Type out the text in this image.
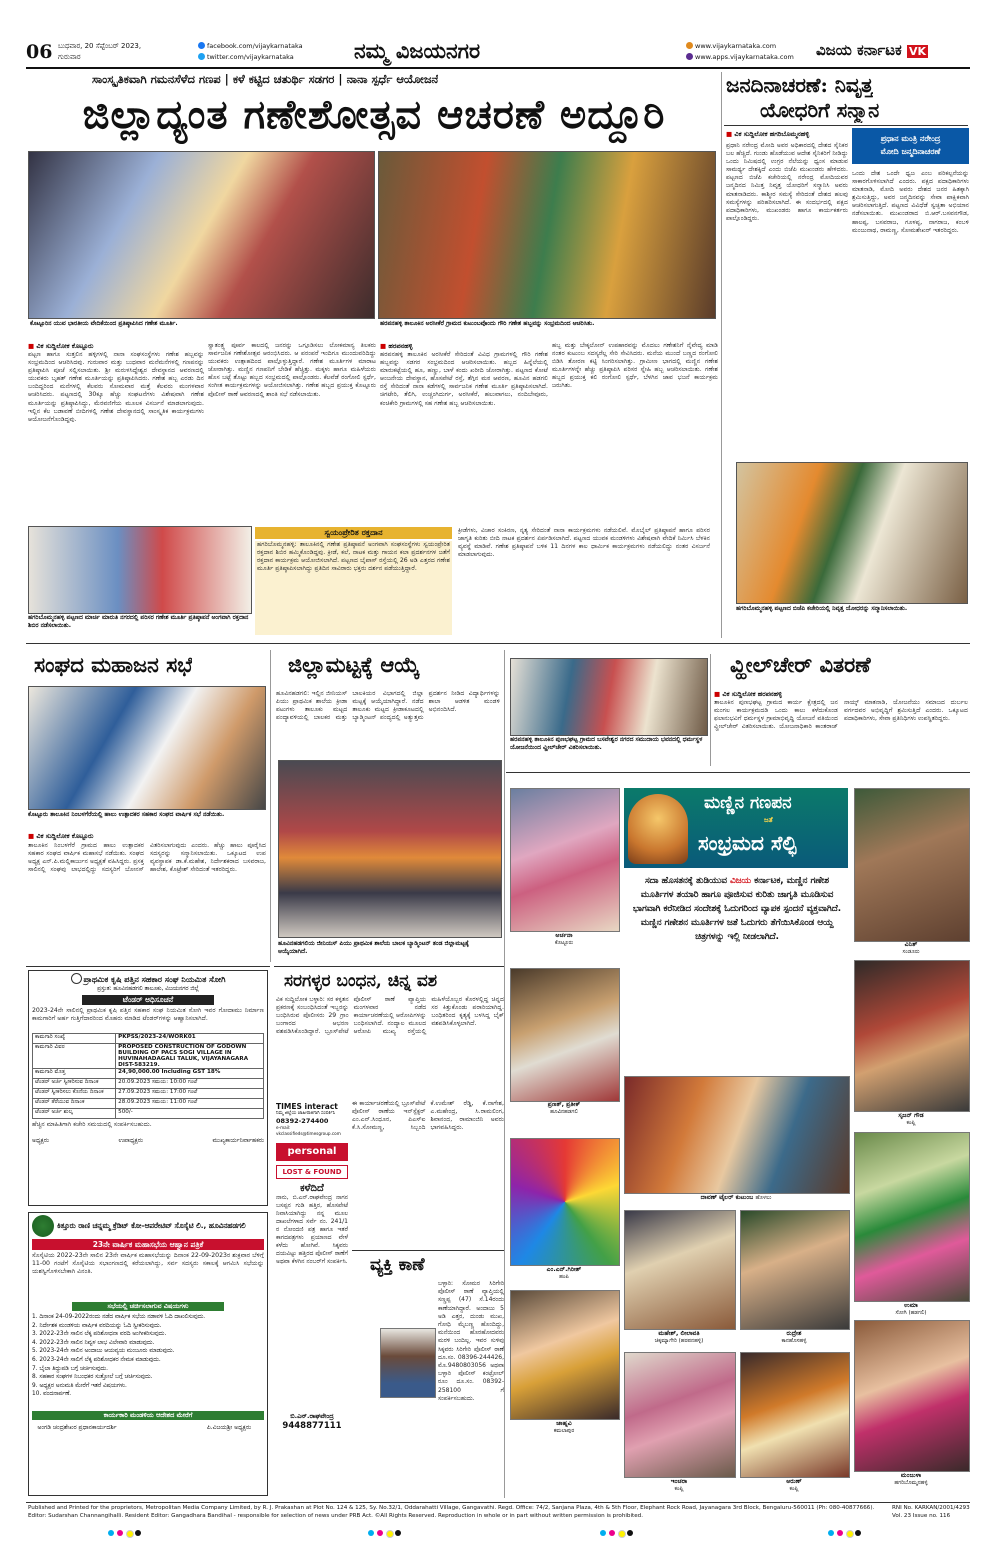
06 ಬುಧವಾರ, 20 ಸೆಪ್ಟೆಂಬರ್ 2023,
ಗುರುವಾರ
facebook.com/vijaykarnataka
twitter.com/vijaykarnataka	ನಮ್ಮ ವಿಜಯನಗರ	www.vijaykarnataka.com
www.apps.vijaykarnataka.com ವಿಜಯ ಕರ್ನಾಟಕ VK
ಸಾಂಸ್ಕೃತಿಕವಾಗಿ ಗಮನಸೆಳೆದ ಗಣಪ | ಕಳೆ ಕಟ್ಟಿದ ಚತುರ್ಥಿ ಸಡಗರ | ನಾನಾ ಸ್ಪರ್ಧೆ ಆಯೋಜನೆ
ಜಿಲ್ಲಾದ್ಯಂತ ಗಣೇಶೋತ್ಸವ ಆಚರಣೆ ಅದ್ದೂರಿ
ಕೊಟ್ಟೂರಿನ ಯುವ ಭಾರತೀಯ ವೇದಿಕೆಯಿಂದ ಪ್ರತಿಷ್ಠಾಪಿಸಿದ ಗಣೇಶ ಮೂರ್ತಿ.	ಹರಪನಹಳ್ಳಿ ತಾಲೂಕಿನ ಅರಸೀಕೆರೆ ಗ್ರಾಮದ ಕುಟುಂಬವೊಂದು ಗೌರಿ ಗಣೇಶ ಹಬ್ಬವನ್ನು ಸಂಭ್ರಮದಿಂದ ಆಚರಿಸಿತು.
■ ವಿಕ ಸುದ್ದಿಲೋಕ ಕೊಟ್ಟೂರು
ಪಟ್ಟಣ ಹಾಗೂ ಸುತ್ತಲಿನ ಹಳ್ಳಿಗಳಲ್ಲಿ ನಾನಾ ಸಂಘಸಂಸ್ಥೆಗಳು ಗಣೇಶ ಹಬ್ಬವನ್ನು ಸಂಭ್ರಮದಿಂದ ಆಚರಿಸಿದವು. ಗುರುವಾರ ಮತ್ತು ಬುಧವಾರ ಮನೆಮನೆಗಳಲ್ಲಿ ಗಣಪನನ್ನು ಪ್ರತಿಷ್ಠಾಪಿಸಿ ಪೂಜೆ ಸಲ್ಲಿಸಲಾಯಿತು. ಶ್ರೀ ಮರುಳಸಿದ್ಧೇಶ್ವರ ದೇವಸ್ಥಾನದ ಆವರಣದಲ್ಲಿ ಯುವಕರು ಬೃಹತ್ ಗಣೇಶ ಮೂರ್ತಿಯನ್ನು ಪ್ರತಿಷ್ಠಾಪಿಸಿದರು. ಗಣೇಶ ಹಬ್ಬ ಎರಡು ದಿನ ಬಂದಿದ್ದರಿಂದ ಮನೆಗಳಲ್ಲಿ ಕೆಲವರು ಸೋಮವಾರ ಮತ್ತೆ ಕೆಲವರು ಮಂಗಳವಾರ ಆಚರಿಸಿದರು. ಪಟ್ಟಣದಲ್ಲಿ 30ಕ್ಕೂ ಹೆಚ್ಚು ಸಂಘಟನೆಗಳು ವಿಶೇಷವಾಗಿ ಗಣೇಶ ಮೂರ್ತಿಯನ್ನು ಪ್ರತಿಷ್ಠಾಪಿಸಿದ್ದು, ಮೆರವಣಿಗೆಯ ಮೂಲಕ ವಿಸರ್ಜನೆ ಮಾಡಲಾಗುವುದು. ಇಲ್ಲಿನ ಕೆಲ ಬಡಾವಣೆ ಬೀದಿಗಳಲ್ಲಿ ಗಣೇಶ ದೇವಸ್ಥಾನದಲ್ಲಿ ಸಾಂಸ್ಕೃತಿಕ ಕಾರ್ಯಕ್ರಮಗಳು ಆಯೋಜನೆಗೊಂಡಿದ್ದವು.
ಸ್ವಾತಂತ್ರ್ಯ ಪೂರ್ವ ಕಾಲದಲ್ಲಿ ಜನರನ್ನು ಒಗ್ಗೂಡಿಸಲು ಲೋಕಮಾನ್ಯ ತಿಲಕರು ಸಾರ್ವಜನಿಕ ಗಣೇಶೋತ್ಸವ ಆರಂಭಿಸಿದರು. ಆ ಪರಂಪರೆ ಇಂದಿಗೂ ಮುಂದುವರಿದಿದ್ದು ಯುವಕರು ಉತ್ಸಾಹದಿಂದ ಪಾಲ್ಗೊಳ್ಳುತ್ತಿದ್ದಾರೆ. ಗಣೇಶ ಮೂರ್ತಿಗಳ ಮಾರಾಟ ಜೋರಾಗಿತ್ತು. ಮಣ್ಣಿನ ಗಣಪನಿಗೆ ಬೇಡಿಕೆ ಹೆಚ್ಚಿತ್ತು. ಮಕ್ಕಳು ಹಾಗೂ ಮಹಿಳೆಯರು ಹೊಸ ಬಟ್ಟೆ ತೊಟ್ಟು ಹಬ್ಬದ ಸಂಭ್ರಮದಲ್ಲಿ ಪಾಲ್ಗೊಂಡರು. ಕೆಲವೆಡೆ ರಂಗೋಲಿ ಸ್ಪರ್ಧೆ, ಸಂಗೀತ ಕಾರ್ಯಕ್ರಮಗಳನ್ನು ಆಯೋಜಿಸಲಾಗಿತ್ತು. ಗಣೇಶ ಹಬ್ಬದ ಪ್ರಯುಕ್ತ ಕೊಟ್ಟೂರು ಪೊಲೀಸ್ ಠಾಣೆ ಆವರಣದಲ್ಲಿ ಶಾಂತಿ ಸಭೆ ನಡೆಸಲಾಯಿತು.
■ ಹರಪನಹಳ್ಳಿ
ಹರಪನಹಳ್ಳಿ ತಾಲೂಕಿನ ಅರಸೀಕೆರೆ ಸೇರಿದಂತೆ ವಿವಿಧ ಗ್ರಾಮಗಳಲ್ಲಿ ಗೌರಿ ಗಣೇಶ ಹಬ್ಬವನ್ನು ಸಡಗರ ಸಂಭ್ರಮದಿಂದ ಆಚರಿಸಲಾಯಿತು. ಹಬ್ಬದ ಹಿನ್ನೆಲೆಯಲ್ಲಿ ಮಾರುಕಟ್ಟೆಯಲ್ಲಿ ಹೂ, ಹಣ್ಣು, ಬಾಳೆ ಕಂದು ಖರೀದಿ ಜೋರಾಗಿತ್ತು. ಪಟ್ಟಣದ ಕೋಟೆ ಆಂಜನೇಯ ದೇವಸ್ಥಾನ, ಹೊಸಪೇಟೆ ರಸ್ತೆ, ತೆಗ್ಗಿನ ಮಠ ಆವರಣ, ಹೂವಿನ ಹಡಗಲಿ ರಸ್ತೆ ಸೇರಿದಂತೆ ನಾನಾ ಕಡೆಗಳಲ್ಲಿ ಸಾರ್ವಜನಿಕ ಗಣೇಶ ಮೂರ್ತಿ ಪ್ರತಿಷ್ಠಾಪಿಸಲಾಗಿದೆ. ಚಿಗಟೇರಿ, ತೆಲಿಗಿ, ಉಚ್ಚಂಗಿದುರ್ಗ, ಅರಸೀಕೆರೆ, ಹಲುವಾಗಲು, ನಂದಿಬೇವೂರು, ಕಂಚಿಕೇರಿ ಗ್ರಾಮಗಳಲ್ಲಿ ಸಹ ಗಣೇಶ ಹಬ್ಬ ಆಚರಿಸಲಾಯಿತು.
ಹಬ್ಬ ಮತ್ತು ಬೇಕ್ಕಲೋನ್ ಉಪಹಾರವನ್ನು ಮೊದಲು ಗಣೇಶನಿಗೆ ನೈವೇದ್ಯ ಮಾಡಿ ನಂತರ ಕುಟುಂಬ ಸದಸ್ಯರೆಲ್ಲ ಸೇರಿ ಸೇವಿಸಿದರು. ಮನೆಯ ಮುಂದೆ ಬಣ್ಣದ ರಂಗೋಲಿ ಬಿಡಿಸಿ ತೋರಣ ಕಟ್ಟಿ ಸಿಂಗರಿಸಲಾಗಿತ್ತು. ಗ್ರಾಮೀಣ ಭಾಗದಲ್ಲಿ ಮಣ್ಣಿನ ಗಣೇಶ ಮೂರ್ತಿಗಳನ್ನೇ ಹೆಚ್ಚು ಪ್ರತಿಷ್ಠಾಪಿಸಿ ಪರಿಸರ ಸ್ನೇಹಿ ಹಬ್ಬ ಆಚರಿಸಲಾಯಿತು. ಗಣೇಶ ಹಬ್ಬದ ಪ್ರಯುಕ್ತ ಕಲಿ ರಂಗೋಲಿ ಸ್ಪರ್ಧೆ, ಬೆಳಗಿನ ಜಾವ ಭಜನೆ ಕಾರ್ಯಕ್ರಮ ಜರುಗಿತು.
ಹಗರಿಬೊಮ್ಮನಹಳ್ಳಿ ಪಟ್ಟಣದ ಮಾರ್ಚಿ ಮಾರುತಿ ನಗರದಲ್ಲಿ ಪರಿಸರ ಗಣೇಶ ಮೂರ್ತಿ ಪ್ರತಿಷ್ಠಾಪನೆ ಅಂಗವಾಗಿ ರಕ್ತದಾನ ಶಿಬಿರ ನಡೆಸಲಾಯಿತು.
ಸ್ವಯಂಪ್ರೇರಿತ ರಕ್ತದಾನ
ಹಗರಿಬೊಮ್ಮನಹಳ್ಳಿ: ತಾಲೂಕಿನಲ್ಲಿ ಗಣೇಶ ಪ್ರತಿಷ್ಠಾಪನೆ ಅಂಗವಾಗಿ ಸಂಘಸಂಸ್ಥೆಗಳು ಸ್ವಯಂಪ್ರೇರಿತ ರಕ್ತದಾನ ಶಿಬಿರ ಹಮ್ಮಿಕೊಂಡಿದ್ದವು. ಕ್ರೀಡೆ, ಕಲೆ, ನಾಟಕ ಮತ್ತು ಗಾಯನ ಕಲಾ ಪ್ರದರ್ಶನಗಳ ಜತೆಗೆ ರಕ್ತದಾನ ಕಾರ್ಯಕ್ರಮ ಆಯೋಜಿಸಲಾಗಿದೆ. ಪಟ್ಟಣದ ಬೈಪಾಸ್ ರಸ್ತೆಯಲ್ಲಿ 26 ಅಡಿ ಎತ್ತರದ ಗಣೇಶ ಮೂರ್ತಿ ಪ್ರತಿಷ್ಠಾಪಿಸಲಾಗಿದ್ದು ಪ್ರತಿದಿನ ಸಾವಿರಾರು ಭಕ್ತರು ದರ್ಶನ ಪಡೆಯುತ್ತಿದ್ದಾರೆ.
ಕ್ರೀಡೆಗಳು, ವಿಚಾರ ಸಂಕಿರಣ, ನೃತ್ಯ ಸೇರಿದಂತೆ ನಾನಾ ಕಾರ್ಯಕ್ರಮಗಳು ನಡೆಯಲಿವೆ. ಮೊಬೈಲ್ ಪ್ರತಿಷ್ಠಾಪನೆ ಹಾಗೂ ಪರಿಸರ ಜಾಗೃತಿ ಕುರಿತು ಬೀದಿ ನಾಟಕ ಪ್ರದರ್ಶನ ಏರ್ಪಡಿಸಲಾಗಿದೆ. ಪಟ್ಟಣದ ಯುವಕ ಮಂಡಳಿಗಳು ವಿಶೇಷವಾಗಿ ವೇದಿಕೆ ನಿರ್ಮಿಸಿ ಬೆಳಕಿನ ವ್ಯವಸ್ಥೆ ಮಾಡಿವೆ. ಗಣೇಶ ಪ್ರತಿಷ್ಠಾಪನೆ ಬಳಿಕ 11 ದಿನಗಳ ಕಾಲ ಧಾರ್ಮಿಕ ಕಾರ್ಯಕ್ರಮಗಳು ನಡೆಯಲಿದ್ದು ನಂತರ ವಿಸರ್ಜನೆ ಮಾಡಲಾಗುವುದು.
ಜನದಿನಾಚರಣೆ: ನಿವೃತ್ತ
ಯೋಧರಿಗೆ ಸನ್ಮಾನ
■ ವಿಕ ಸುದ್ದಿಲೋಕ ಹಗರಿಬೊಮ್ಮನಹಳ್ಳಿ	ಪ್ರಧಾನ ಮಂತ್ರಿ ನರೇಂದ್ರ
ಮೋದಿ ಜನ್ಮದಿನಾಚರಣೆ
ಪ್ರಧಾನಿ ನರೇಂದ್ರ ಮೋದಿ ಅವರ ಅಧಿಕಾರದಲ್ಲಿ ದೇಶದ ಸೈನಿಕರ ಬಲ ಹೆಚ್ಚಿದೆ. ಗುಂಡು ಹೊಡೆಯುವ ಆದೇಶ ಸೈನಿಕರಿಗೆ ನೀಡಿದ್ದು ಒಂದು ನಿಮಿಷದಲ್ಲಿ ಉಗ್ರರ ನೆಲೆಯನ್ನು ಧ್ವಂಸ ಮಾಡುವ ಸಾಮರ್ಥ್ಯ ದೇಶಕ್ಕಿದೆ ಎಂದು ಬಿಜೆಪಿ ಮುಖಂಡರು ಹೇಳಿದರು. ಪಟ್ಟಣದ ಬಿಜೆಪಿ ಕಚೇರಿಯಲ್ಲಿ ನರೇಂದ್ರ ಮೋದಿಯವರ ಜನ್ಮದಿನದ ನಿಮಿತ್ತ ನಿವೃತ್ತ ಯೋಧರಿಗೆ ಸನ್ಮಾನಿಸಿ ಅವರು ಮಾತನಾಡಿದರು. ಕಾಶ್ಮೀರ ಸಮಸ್ಯೆ ಸೇರಿದಂತೆ ದೇಶದ ಹಲವು ಸಮಸ್ಯೆಗಳನ್ನು ಪರಿಹರಿಸಲಾಗಿದೆ. ಈ ಸಂದರ್ಭದಲ್ಲಿ ಪಕ್ಷದ ಪದಾಧಿಕಾರಿಗಳು, ಮುಖಂಡರು ಹಾಗೂ ಕಾರ್ಯಕರ್ತರು ಪಾಲ್ಗೊಂಡಿದ್ದರು.
ಒಂದು ದೇಶ ಒಂದೇ ಧ್ವಜ ಎಂಬ ಪರಿಕಲ್ಪನೆಯನ್ನು ಸಾಕಾರಗೊಳಿಸಲಾಗಿದೆ ಎಂದರು. ಪಕ್ಷದ ಪದಾಧಿಕಾರಿಗಳು ಮಾತನಾಡಿ, ಮೋದಿ ಅವರು ದೇಶದ ಜನರ ಹಿತಕ್ಕಾಗಿ ಶ್ರಮಿಸುತ್ತಿದ್ದು, ಅವರ ಜನ್ಮದಿನವನ್ನು ಸೇವಾ ಪಾಕ್ಷಿಕವಾಗಿ ಆಚರಿಸಲಾಗುತ್ತಿದೆ. ಪಟ್ಟಣದ ವಿವಿಧೆಡೆ ಸ್ವಚ್ಛತಾ ಅಭಿಯಾನ ನಡೆಸಲಾಯಿತು. ಮುಖಂಡರಾದ ಬಿ.ಆರ್.ಬಸವನಗೌಡ, ಹಾಲಪ್ಪ, ಬಸವರಾಜ, ಗೂಳಪ್ಪ, ನಾಗರಾಜ, ಕಂಬಳಿ ಮಂಜುನಾಥ, ರಾಮಣ್ಣ, ಸೋಮಶೇಖರ್ ಇತರರಿದ್ದರು.
ಹಗರಿಬೊಮ್ಮನಹಳ್ಳಿ ಪಟ್ಟಣದ ಬಿಜೆಪಿ ಕಚೇರಿಯಲ್ಲಿ ನಿವೃತ್ತ ಯೋಧರನ್ನು ಸನ್ಮಾನಿಸಲಾಯಿತು.
ಸಂಘದ ಮಹಾಜನ ಸಭೆ
ಕೊಟ್ಟೂರು ತಾಲೂಕಿನ ನಿಂಬಳಗೆರೆಯಲ್ಲಿ ಹಾಲು ಉತ್ಪಾದಕರ ಸಹಕಾರ ಸಂಘದ ವಾರ್ಷಿಕ ಸಭೆ ನಡೆಯಿತು.
■ ವಿಕ ಸುದ್ದಿಲೋಕ ಕೊಟ್ಟೂರು
ತಾಲೂಕಿನ ನಿಂಬಳಗೆರೆ ಗ್ರಾಮದ ಹಾಲು ಉತ್ಪಾದಕರ ಸಹಕಾರ ಸಂಘದ ವಾರ್ಷಿಕ ಮಹಾಸಭೆ ನಡೆಯಿತು. ಸಂಘದ ಅಧ್ಯಕ್ಷ ಎನ್.ಪಿ.ಮಲ್ಲಿಕಾರ್ಜುನ ಅಧ್ಯಕ್ಷತೆ ವಹಿಸಿದ್ದರು. ಪ್ರಸಕ್ತ ಸಾಲಿನಲ್ಲಿ ಸಂಘವು ಲಾಭದಲ್ಲಿದ್ದು ಸದಸ್ಯರಿಗೆ ಬೋನಸ್ ವಿತರಿಸಲಾಗುವುದು ಎಂದರು. ಹೆಚ್ಚು ಹಾಲು ಪೂರೈಸಿದ ಸದಸ್ಯರನ್ನು ಸನ್ಮಾನಿಸಲಾಯಿತು. ಒಕ್ಕೂಟದ ಉಪ ವ್ಯವಸ್ಥಾಪಕ ಡಾ.ಕೆ.ಮಹೇಶ, ನಿರ್ದೇಶಕರಾದ ಬಸವರಾಜ, ಹಾಲೇಶ, ಕೊಟ್ರೇಶ್ ಸೇರಿದಂತೆ ಇತರರಿದ್ದರು.
ಜಿಲ್ಲಾಮಟ್ಟಕ್ಕೆ ಆಯ್ಕೆ
ಹೂವಿನಹಡಗಲಿ: ಇಲ್ಲಿನ ಜೀನಿಯಸ್ ಪಿಯು ಪ್ರಾಥಮಿಕ ಶಾಲೆಯ ಕ್ರೀಡಾ ಪಟುಗಳು ತಾಲೂಕು ಮಟ್ಟದ ಪಂದ್ಯಾವಳಿಯಲ್ಲಿ ಬಾಲಕರ ಮತ್ತು ಬಾಲಕಿಯರ ವಿಭಾಗದಲ್ಲಿ ಜಿಲ್ಲಾ ಮಟ್ಟಕ್ಕೆ ಆಯ್ಕೆಯಾಗಿದ್ದಾರೆ. ನಡೆದ ತಾಲೂಕು ಮಟ್ಟದ ಕ್ರೀಡಾಕೂಟದಲ್ಲಿ ಬ್ಯಾಡ್ಮಿಂಟನ್ ಪಂದ್ಯದಲ್ಲಿ ಅತ್ಯುತ್ತಮ ಪ್ರದರ್ಶನ ನೀಡಿದ ವಿದ್ಯಾರ್ಥಿಗಳನ್ನು ಶಾಲಾ ಆಡಳಿತ ಮಂಡಳಿ ಅಭಿನಂದಿಸಿದೆ.
ಹೂವಿನಹಡಗಲಿಯ ಜೀನಿಯಸ್ ಪಿಯು ಪ್ರಾಥಮಿಕ ಶಾಲೆಯ ಬಾಲಕ ಬ್ಯಾಡ್ಮಿಂಟನ್ ತಂಡ ಜಿಲ್ಲಾಮಟ್ಟಕ್ಕೆ ಆಯ್ಕೆಯಾಗಿದೆ.
ಹರಪನಹಳ್ಳಿ ತಾಲೂಕಿನ ಪುಣಭಘಟ್ಟ ಗ್ರಾಮದ ಬಸವೇಶ್ವರ ನಗರದ ಸಮುದಾಯ ಭವನದಲ್ಲಿ ಧರ್ಮಸ್ಥಳ ಯೋಜನೆಯಿಂದ ವ್ಹೀಲ್‌ಚೇರ್ ವಿತರಿಸಲಾಯಿತು.
ವ್ಹೀಲ್‌ಚೇರ್ ವಿತರಣೆ
■ ವಿಕ ಸುದ್ದಿಲೋಕ ಹರಪನಹಳ್ಳಿ
ತಾಲೂಕಿನ ಪುಣಭಘಟ್ಟ ಗ್ರಾಮದ ಕಾರ್ಯ ಕ್ಷೇತ್ರದಲ್ಲಿ ಜನ ಮಂಗಲ ಕಾರ್ಯಕ್ರಮದಡಿ ಒಂದು ಕಾಲು ಕಳೆದುಕೊಂಡ ಫಲಾನುಭವಿಗೆ ಧರ್ಮಸ್ಥಳ ಗ್ರಾಮಾಭಿವೃದ್ಧಿ ಯೋಜನೆ ವತಿಯಿಂದ ವ್ಹೀಲ್‌ಚೇರ್ ವಿತರಿಸಲಾಯಿತು. ಯೋಜನಾಧಿಕಾರಿ ಕಾಂತರಾಜ್ ನಾಯ್ಕ್ ಮಾತನಾಡಿ, ಯೋಜನೆಯು ಸಮಾಜದ ದುರ್ಬಲ ವರ್ಗದವರ ಅಭಿವೃದ್ಧಿಗೆ ಶ್ರಮಿಸುತ್ತಿದೆ ಎಂದರು. ಒಕ್ಕೂಟದ ಪದಾಧಿಕಾರಿಗಳು, ಸೇವಾ ಪ್ರತಿನಿಧಿಗಳು ಉಪಸ್ಥಿತರಿದ್ದರು.
ಅರ್ಚನಾ
ಕೊಟ್ಟೂರು
ಮಣ್ಣಿನ ಗಣಪನ
ಜತೆ
ಸಂಭ್ರಮದ ಸೆಲ್ಫಿ
ಸದಾ ಹೊಸತನಕ್ಕೆ ತುಡಿಯುವ ವಿಜಯ ಕರ್ನಾಟಕ, ಮಣ್ಣಿನ ಗಣೇಶ ಮೂರ್ತಿಗಳ ತಯಾರಿ ಹಾಗೂ ಪೂಜಿಸುವ ಕುರಿತು ಜಾಗೃತಿ ಮೂಡಿಸುವ ಭಾಗವಾಗಿ ಕರೆನೀಡಿದ ಸಂದೇಶಕ್ಕೆ ಓದುಗರಿಂದ ವ್ಯಾಪಕ ಸ್ಪಂದನೆ ವ್ಯಕ್ತವಾಗಿದೆ. ಮಣ್ಣಿನ ಗಣೇಶನ ಮೂರ್ತಿಗಳ ಜತೆ ಓದುಗರು ತೆಗೆಯಿಸಿಕೊಂಡ ಆಯ್ದ ಚಿತ್ರಗಳನ್ನು ಇಲ್ಲಿ ನೀಡಲಾಗಿದೆ.
ವಿನಿತ್
ಸಂಡೂರು
ಪ್ರಣತ್, ಪ್ರತೀಕ್
ಹೂವಿನಹಡಗಲಿ	ಸೃಜನ್ ಗೌಡ
ಕಂಪ್ಲಿ
ದಾವಣ್ ಟೈಲರ್ ಕುಟುಂಬ ಹೊಳಲು
ಎಂ.ಎನ್.ಗಿರೀಶ್
ಹಂಪಿ
ಮಹೇಶ್, ಲೀಲಾವತಿ
ಚಿಕ್ಕಮ್ಯಾಗೇರಿ (ಹರಪನಹಳ್ಳಿ)
ರುದ್ರೇಶ
ಕಾನಹೊಸಹಳ್ಳಿ
ಉಮಾ
ಸೋಗಿ (ಹಡಗಲಿ)
ಜಾಹ್ನವಿ
ಕಮಲಾಪುರ
ಇಂಚರಾ
ಕಂಪ್ಲಿ
ಅರುಣ್
ಕಂಪ್ಲಿ
ಮಂಜುಳಾ
ಹಗರಿಬೊಮ್ಮನಹಳ್ಳಿ
ಪ್ರಾಥಮಿಕ ಕೃಷಿ ಪತ್ತಿನ ಸಹಕಾರ ಸಂಘ ನಿಯಮಿತ ಸೋಗಿ
ಪ್ರಸ್ತುತ: ಹೂವಿನಹಡಗಲಿ ತಾಲೂಕು, ವಿಜಯನಗರ ಜಿಲ್ಲೆ
ಟೆಂಡರ್ ಅಧಿಸೂಚನೆ
2023-24ನೇ ಸಾಲಿನಲ್ಲಿ ಪ್ರಾಥಮಿಕ ಕೃಷಿ ಪತ್ತಿನ ಸಹಕಾರ ಸಂಘ ನಿಯಮಿತ ಸೋಗಿ ಇವರ ಗೋದಾಮು ನಿರ್ಮಾಣ ಕಾಮಗಾರಿಗೆ ಅರ್ಹ ಗುತ್ತಿಗೆದಾರರಿಂದ ಮೊಹರು ಮಾಡಿದ ಟೆಂಡರ್‌ಗಳನ್ನು ಆಹ್ವಾನಿಸಲಾಗಿದೆ.
ಕಾಮಗಾರಿ ಸಂಖ್ಯೆ	PKPSS/2023-24/WORK01
ಕಾಮಗಾರಿ ವಿವರ	PROPOSED CONSTRUCTION OF GODOWN BUILDING OF PACS SOGI VILLAGE IN HUVINAHADAGALI TALUK, VIJAYANAGARA DIST-583219.
ಕಾಮಗಾರಿ ಮೊತ್ತ	24,90,000.00 Including GST 18%
ಟೆಂಡರ್ ಅರ್ಜಿ ಸ್ವೀಕರಿಸುವ ದಿನಾಂಕ	20.09.2023 ಸಮಯ: 10:00 ಗಂಟೆ
ಟೆಂಡರ್ ಸ್ವೀಕರಿಸಲು ಕೊನೆಯ ದಿನಾಂಕ	27.09.2023 ಸಮಯ: 17:00 ಗಂಟೆ
ಟೆಂಡರ್ ತೆರೆಯುವ ದಿನಾಂಕ	28.09.2023 ಸಮಯ: 11:00 ಗಂಟೆ
ಟೆಂಡರ್ ಅರ್ಜಿ ಶುಲ್ಕ	500/-
ಹೆಚ್ಚಿನ ಮಾಹಿತಿಗಾಗಿ ಕಚೇರಿ ಸಮಯದಲ್ಲಿ ಸಂಪರ್ಕಿಸಬಹುದು.
ಅಧ್ಯಕ್ಷರು	ಉಪಾಧ್ಯಕ್ಷರು	ಮುಖ್ಯಕಾರ್ಯನಿರ್ವಾಹಕರು
ಕಿತ್ತೂರು ರಾಣಿ ಚನ್ನಮ್ಮ ಕ್ರೆಡಿಟ್ ಕೋ-ಆಪರೇಟಿವ್ ಸೊಸೈಟಿ ಲಿ., ಹೂವಿನಹಡಗಲಿ
23ನೇ ವಾರ್ಷಿಕ ಮಹಾಸಭೆಯ ಆಹ್ವಾನ ಪತ್ರಿಕೆ
ಸೊಸೈಟಿಯ 2022-23ನೇ ಸಾಲಿನ 23ನೇ ವಾರ್ಷಿಕ ಮಹಾಸಭೆಯನ್ನು ದಿನಾಂಕ 22-09-2023ರ ಶುಕ್ರವಾರ ಬೆಳಿಗ್ಗೆ 11-00 ಗಂಟೆಗೆ ಸೊಸೈಟಿಯ ಸಭಾಂಗಣದಲ್ಲಿ ಕರೆಯಲಾಗಿದ್ದು, ಸರ್ವ ಸದಸ್ಯರು ಸಕಾಲಕ್ಕೆ ಆಗಮಿಸಿ ಸಭೆಯನ್ನು ಯಶಸ್ವಿಗೊಳಿಸಬೇಕಾಗಿ ವಿನಂತಿ.
ಸಭೆಯಲ್ಲಿ ಚರ್ಚಿಸಲಾಗುವ ವಿಷಯಗಳು
1. ದಿನಾಂಕ 24-09-2022ರಂದು ನಡೆದ ವಾರ್ಷಿಕ ಸಭೆಯ ನಡಾವಳಿ ಓದಿ ದಾಖಲಿಸುವುದು.
2. ನಿರ್ದೇಶಕ ಮಂಡಳಿಯ ವಾರ್ಷಿಕ ವರದಿಯನ್ನು ಓದಿ ಸ್ವೀಕರಿಸುವುದು.
3. 2022-23ನೇ ಸಾಲಿನ ಲೆಕ್ಕ ಪರಿಶೋಧನಾ ವರದಿ ಅಂಗೀಕರಿಸುವುದು.
4. 2022-23ನೇ ಸಾಲಿನ ನಿವ್ವಳ ಲಾಭ ವಿಲೇವಾರಿ ಮಾಡುವುದು.
5. 2023-24ನೇ ಸಾಲಿನ ಅಂದಾಜು ಆಯವ್ಯಯ ಮಂಜೂರು ಮಾಡುವುದು.
6. 2023-24ನೇ ಸಾಲಿಗೆ ಲೆಕ್ಕ ಪರಿಶೋಧಕರ ನೇಮಕ ಮಾಡುವುದು.
7. ಬೈಲಾ ತಿದ್ದುಪಡಿ ಬಗ್ಗೆ ಚರ್ಚಿಸುವುದು.
8. ಸಹಕಾರ ಸಂಘಗಳ ನಿಬಂಧಕರ ಸುತ್ತೋಲೆ ಬಗ್ಗೆ ಚರ್ಚಿಸುವುದು.
9. ಅಧ್ಯಕ್ಷರ ಅನುಮತಿ ಮೇರೆಗೆ ಇತರೆ ವಿಷಯಗಳು.
10. ವಂದನಾರ್ಪಣೆ.
ಕಾರ್ಯಕಾರಿ ಮಂಡಳಿಯ ಆದೇಶದ ಮೇರೆಗೆ
ಅಂಗಡಿ ಚಂದ್ರಶೇಖರ ಪ್ರಧಾನಕಾರ್ಯದರ್ಶಿ	ಪಿ.ವಿಜಯಶ್ರೀ ಅಧ್ಯಕ್ಷರು
ಸರಗಳ್ಳರ ಬಂಧನ, ಚಿನ್ನ ವಶ
ವಿಕ ಸುದ್ದಿಲೋಕ ಬಳ್ಳಾರಿ: ಸರ ಕಳ್ಳತನ ಪ್ರಕರಣಕ್ಕೆ ಸಂಬಂಧಿಸಿದಂತೆ ಇಬ್ಬರನ್ನು ಬಂಧಿಸಿರುವ ಪೊಲೀಸರು 29 ಗ್ರಾಂ ಬಂಗಾರದ ಆಭರಣ ವಶಪಡಿಸಿಕೊಂಡಿದ್ದಾರೆ. ಬ್ರೂಸ್‌ಪೇಟೆ ಪೊಲೀಸ್ ಠಾಣೆ ವ್ಯಾಪ್ತಿಯ ಮಂಗಳವಾರ ನಡೆದ ಕಾರ್ಯಾಚರಣೆಯಲ್ಲಿ ಆರೋಪಿಗಳನ್ನು ಬಂಧಿಸಲಾಗಿದೆ. ನಂದ್ಯಾಲ ಮೂಲದ ಆರೋಪಿ ಮುಖ್ಯ ರಸ್ತೆಯಲ್ಲಿ ಮಹಿಳೆಯೊಬ್ಬರ ಕೊರಳಲ್ಲಿದ್ದ ಚಿನ್ನದ ಸರ ಕಿತ್ತುಕೊಂಡು ಪರಾರಿಯಾಗಿದ್ದ. ಬಂಧಿತರಿಂದ ಕೃತ್ಯಕ್ಕೆ ಬಳಸಿದ್ದ ಬೈಕ್ ವಶಪಡಿಸಿಕೊಳ್ಳಲಾಗಿದೆ.
ಈ ಕಾರ್ಯಾಚರಣೆಯಲ್ಲಿ ಬ್ರೂಸ್‌ಪೇಟೆ ಪೊಲೀಸ್ ಠಾಣೆಯ ಇನ್‌ಸ್ಪೆಕ್ಟರ್ ಎಂ.ಎನ್.ಸಿಂಧೂರ, ಪಿಎಸ್‌ಐ ಕೆ.ಸಿ.ಸೋಮಣ್ಣ, ಸಿಬ್ಬಂದಿ ಕೆ.ಉಮೇಶ್ ರೆಡ್ಡಿ, ಕೆ.ನಾಗೇಶ, ಎ.ಮಹೇಂದ್ರ, ಸಿ.ರಾಮಲಿಂಗ, ಶಿವಾನಂದ, ರಾಮಾಂಜಿನಿ ಅವರು ಭಾಗವಹಿಸಿದ್ದರು.
TIMES interact
ನಿಮ್ಮ ಜಿಲ್ಲೆಯ ಜಾಹೀರಾತಿಗಾಗಿ ಸಂಪರ್ಕಿಸಿ
08392-274400
e-mail: vkclassifieds@timesgroup.com
personal
LOST & FOUND
ಕಳೆದಿದೆ
ನಾನು, ಬಿ.ಎನ್.ರಾಘವೇಂದ್ರ ನಾಗನ ಬಸಪ್ಪನ ಗುಡಿ ಹತ್ತಿರ, ಹೊಸಪೇಟೆ ನಿವಾಸಿಯಾಗಿದ್ದು ನನ್ನ ಮೂಲ ದಾಖಲೆಗಳಾದ ಸರ್ವೆ ನಂ. 241/1 ರ ನೋಂದಣಿ ಪತ್ರ ಹಾಗೂ ಇತರೆ ಕಾಗದಪತ್ರಗಳು ಪ್ರಯಾಣದ ವೇಳೆ ಕಳೆದು ಹೋಗಿವೆ. ಸಿಕ್ಕವರು ದಯವಿಟ್ಟು ಹತ್ತಿರದ ಪೊಲೀಸ್ ಠಾಣೆಗೆ ಅಥವಾ ಕೆಳಗಿನ ನಂಬರ್‌ಗೆ ಸಂಪರ್ಕಿಸಿ.
ಬಿ.ಎನ್.ರಾಘವೇಂದ್ರ
9448877111
ವ್ಯಕ್ತಿ ಕಾಣೆ
ಬಳ್ಳಾರಿ: ಸೋಮರ ಸಿರಿಗೇರಿ ಪೊಲೀಸ್ ಠಾಣೆ ವ್ಯಾಪ್ತಿಯಲ್ಲಿ ಸಣ್ಣಪ್ಪ (47) ಸೆ.14ರಂದು ಕಾಣೆಯಾಗಿದ್ದಾರೆ. ಅಂದಾಜು 5 ಅಡಿ ಎತ್ತರ, ದುಂಡು ಮುಖ, ಗೋಧಿ ಮೈಬಣ್ಣ ಹೊಂದಿದ್ದು, ಮನೆಯಿಂದ ಹೊರಹೋದವರು ಮರಳಿ ಬಂದಿಲ್ಲ. ಇವರ ಸುಳಿವು ಸಿಕ್ಕವರು ಸಿರಿಗೇರಿ ಪೊಲೀಸ್ ಠಾಣೆ ದೂ.ಸಂ. 08396-244426, ಮೊ.9480803056 ಅಥವಾ ಬಳ್ಳಾರಿ ಪೊಲೀಸ್ ಕಂಟ್ರೋಲ್ ರೂಂ ದೂ.ಸಂ. 08392-258100 ಗೆ ಸಂಪರ್ಕಿಸಬಹುದು.
Published and Printed for the proprietors, Metropolitan Media Company Limited, by R. J. Prakashan at Plot No. 124 & 125, Sy. No.32/1, Oddarahatti Village, Gangavathi. Regd. Office: 74/2, Sanjana Plaza, 4th & 5th Floor, Elephant Rock Road, Jayanagara 3rd Block, Bengaluru-560011 (Ph: 080-40877666).
Editor: Sudarshan Channangihalli. Resident Editor: Gangadhara Bandihal - responsible for selection of news under PRB Act. ©All Rights Reserved. Reproduction in whole or in part without written permission is prohibited.
RNI No. KARKAN/2001/4293
Vol. 23 Issue no. 116
